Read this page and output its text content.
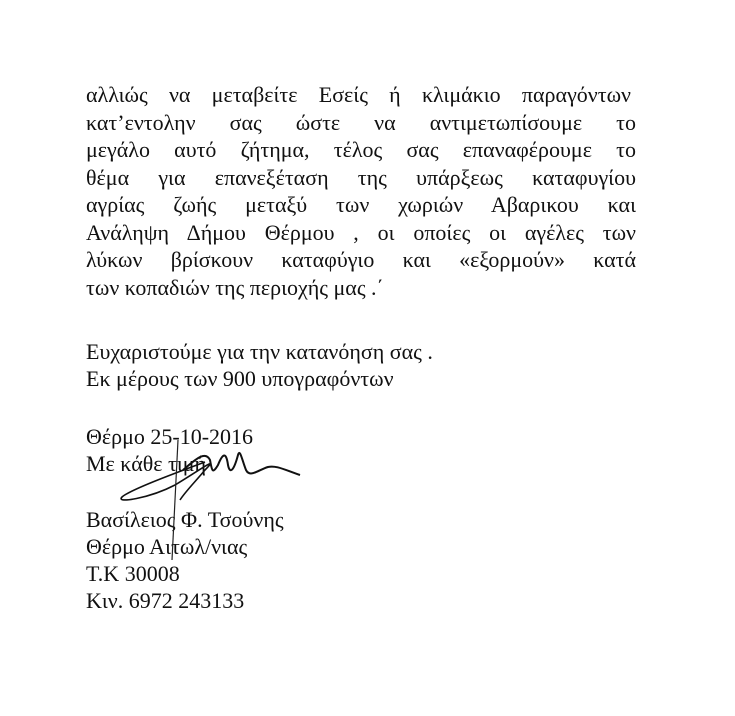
αλλιώς να μεταβείτε Εσείς ή κλιμάκιο παραγόντων
κατ’εντολην σας ώστε να αντιμετωπίσουμε το
μεγάλο αυτό ζήτημα, τέλος σας επαναφέρουμε το
θέμα για επανεξέταση της υπάρξεως καταφυγίου
αγρίας ζωής μεταξύ των χωριών Αβαρικου και
Ανάληψη Δήμου Θέρμου , οι οποίες οι αγέλες των
λύκων βρίσκουν καταφύγιο και «εξορμούν» κατά
των κοπαδιών της περιοχής μας .΄
Ευχαριστούμε για την κατανόηση σας .
Εκ μέρους των 900 υπογραφόντων
Θέρμο 25-10-2016
Με κάθε τιμή
Βασίλειος Φ. Τσούνης
Θέρμο Αιτωλ/νιας
Τ.Κ 30008
Κιν. 6972 243133
